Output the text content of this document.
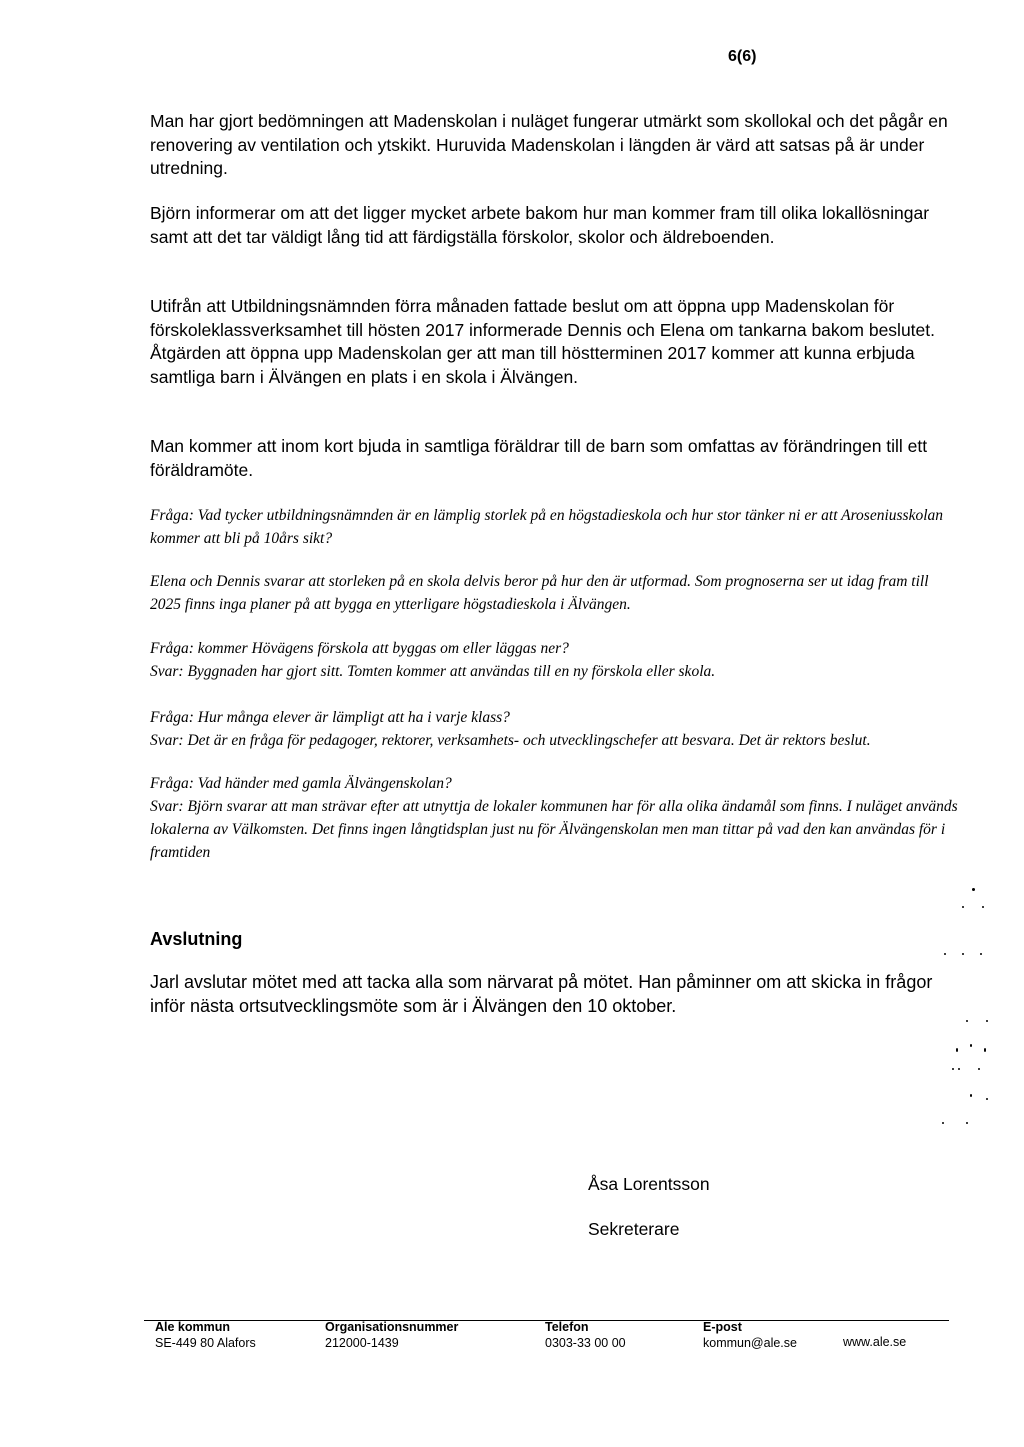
6(6)

Man har gjort bedömningen att Madenskolan i nuläget fungerar utmärkt som skollokal och det pågår en renovering av ventilation och ytskikt. Huruvida Madenskolan i längden är värd att satsas på är under utredning.

Björn informerar om att det ligger mycket arbete bakom hur man kommer fram till olika lokallösningar samt att det tar väldigt lång tid att färdigställa förskolor, skolor och äldreboenden.

Utifrån att Utbildningsnämnden förra månaden fattade beslut om att öppna upp Madenskolan för förskoleklassverksamhet till hösten 2017 informerade Dennis och Elena om tankarna bakom beslutet. Åtgärden att öppna upp Madenskolan ger att man till höstterminen 2017 kommer att kunna erbjuda samtliga barn i Älvängen en plats i en skola i Älvängen.

Man kommer att inom kort bjuda in samtliga föräldrar till de barn som omfattas av förändringen till ett föräldramöte.

Fråga: Vad tycker utbildningsnämnden är en lämplig storlek på en högstadieskola och hur stor tänker ni er att Aroseniusskolan kommer att bli på 10års sikt?

Elena och Dennis svarar att storleken på en skola delvis beror på hur den är utformad. Som prognoserna ser ut idag fram till 2025 finns inga planer på att bygga en ytterligare högstadieskola i Älvängen.

Fråga: kommer Hövägens förskola att byggas om eller läggas ner?

Svar: Byggnaden har gjort sitt. Tomten kommer att användas till en ny förskola eller skola.

Fråga: Hur många elever är lämpligt att ha i varje klass?

Svar: Det är en fråga för pedagoger, rektorer, verksamhets- och utvecklingschefer att besvara. Det är rektors beslut.

Fråga: Vad händer med gamla Älvängenskolan?

Svar: Björn svarar att man strävar efter att utnyttja de lokaler kommunen har för alla olika ändamål som finns. I nuläget används lokalerna av Välkomsten. Det finns ingen långtidsplan just nu för Älvängenskolan men man tittar på vad den kan användas för i framtiden

Avslutning

Jarl avslutar mötet med att tacka alla som närvarat på mötet. Han påminner om att skicka in frågor inför nästa ortsutvecklingsmöte som är i Älvängen den 10 oktober.

Åsa Lorentsson

Sekreterare

Ale kommun
SE-449 80 Alafors
Organisationsnummer
212000-1439
Telefon
0303-33 00 00
E-post
kommun@ale.se	www.ale.se
